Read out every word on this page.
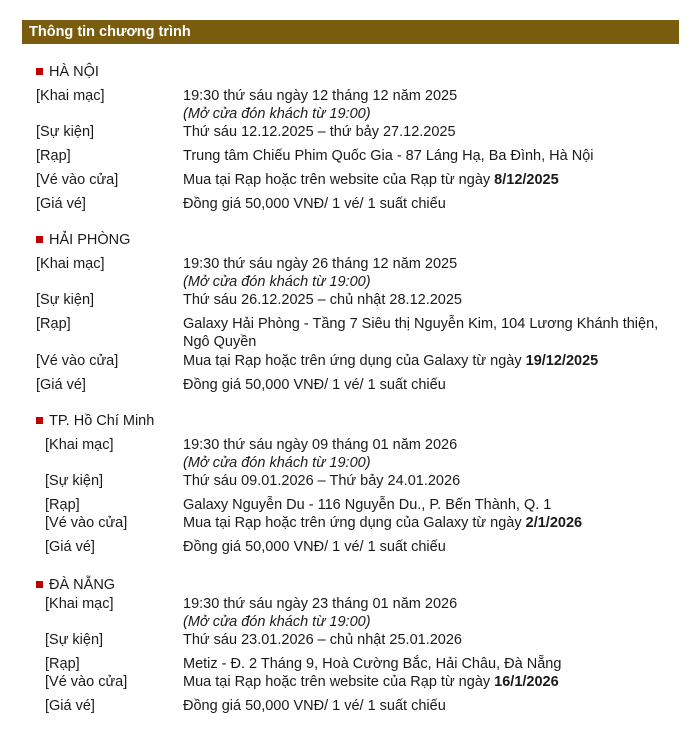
Thông tin chương trình
HÀ NỘI
[Khai mạc]	19:30 thứ sáu ngày 12 tháng 12 năm 2025
(Mở cửa đón khách từ 19:00)
[Sự kiện]	Thứ sáu 12.12.2025 – thứ bảy 27.12.2025
[Rạp]	Trung tâm Chiếu Phim Quốc Gia - 87 Láng Hạ, Ba Đình, Hà Nội
[Vé vào cửa]	Mua tại Rạp hoặc trên website của Rạp từ ngày 8/12/2025
[Giá vé]	Đồng giá 50,000 VNĐ/ 1 vé/ 1 suất chiếu
HẢI PHÒNG
[Khai mạc]	19:30 thứ sáu ngày 26 tháng 12 năm 2025
(Mở cửa đón khách từ 19:00)
[Sự kiện]	Thứ sáu 26.12.2025 – chủ nhật 28.12.2025
[Rạp]	Galaxy Hải Phòng - Tầng 7 Siêu thị Nguyễn Kim, 104 Lương Khánh thiện, Ngô Quyền
[Vé vào cửa]	Mua tại Rạp hoặc trên ứng dụng của Galaxy từ ngày 19/12/2025
[Giá vé]	Đồng giá 50,000 VNĐ/ 1 vé/ 1 suất chiếu
TP. Hồ Chí Minh
[Khai mạc]	19:30 thứ sáu ngày 09 tháng 01 năm 2026
(Mở cửa đón khách từ 19:00)
[Sự kiện]	Thứ sáu 09.01.2026 – Thứ bảy 24.01.2026
[Rạp]	Galaxy Nguyễn Du - 116 Nguyễn Du., P. Bến Thành, Q. 1
[Vé vào cửa]	Mua tại Rạp hoặc trên ứng dụng của Galaxy từ ngày 2/1/2026
[Giá vé]	Đồng giá 50,000 VNĐ/ 1 vé/ 1 suất chiếu
ĐÀ NẴNG
[Khai mạc]	19:30 thứ sáu ngày 23 tháng 01 năm 2026
(Mở cửa đón khách từ 19:00)
[Sự kiện]	Thứ sáu 23.01.2026 – chủ nhật 25.01.2026
[Rạp]	Metiz - Đ. 2 Tháng 9, Hoà Cường Bắc, Hải Châu, Đà Nẵng
[Vé vào cửa]	Mua tại Rạp hoặc trên website của Rạp từ ngày 16/1/2026
[Giá vé]	Đồng giá 50,000 VNĐ/ 1 vé/ 1 suất chiếu
